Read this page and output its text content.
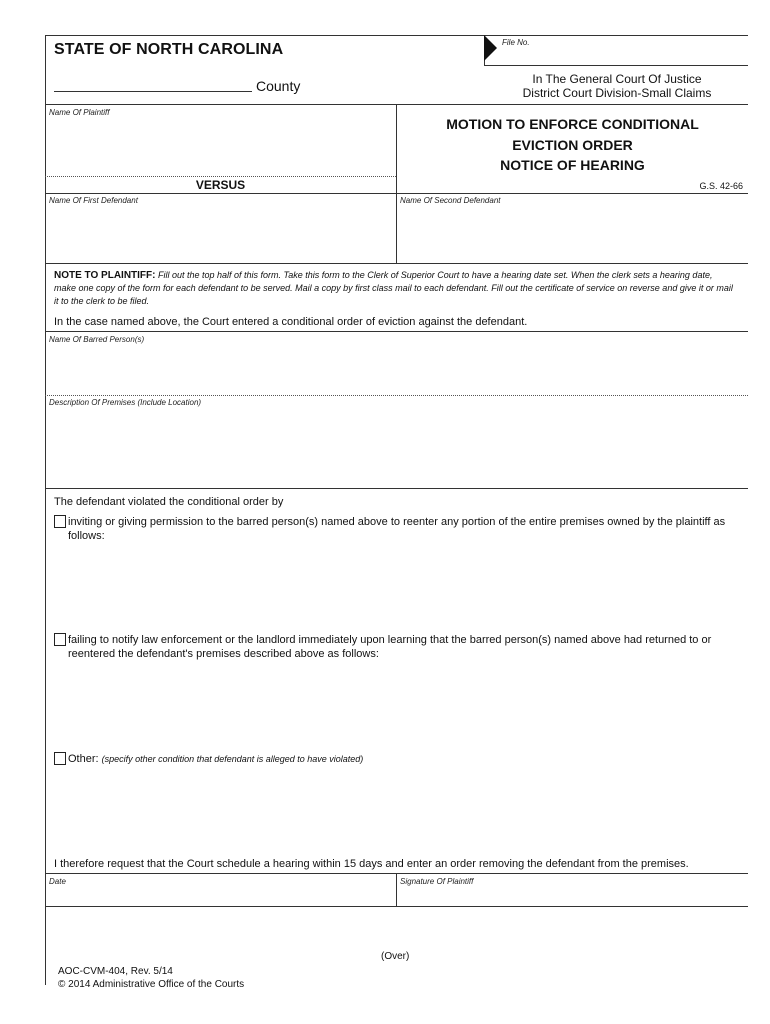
STATE OF NORTH CAROLINA
County
File No.
In The General Court Of Justice
District Court Division-Small Claims
Name Of Plaintiff
VERSUS
MOTION TO ENFORCE CONDITIONAL
EVICTION ORDER
NOTICE OF HEARING
G.S. 42-66
Name Of First Defendant	Name Of Second Defendant
NOTE TO PLAINTIFF: Fill out the top half of this form. Take this form to the Clerk of Superior Court to have a hearing date set. When the clerk sets a hearing date, make one copy of the form for each defendant to be served. Mail a copy by first class mail to each defendant. Fill out the certificate of service on reverse and give it or mail it to the clerk to be filed.
In the case named above, the Court entered a conditional order of eviction against the defendant.
Name Of Barred Person(s)
Description Of Premises (Include Location)
The defendant violated the conditional order by
inviting or giving permission to the barred person(s) named above to reenter any portion of the entire premises owned by the plaintiff as follows:
failing to notify law enforcement or the landlord immediately upon learning that the barred person(s) named above had returned to or reentered the defendant's premises described above as follows:
Other: (specify other condition that defendant is alleged to have violated)
I therefore request that the Court schedule a hearing within 15 days and enter an order removing the defendant from the premises.
Date	Signature Of Plaintiff
(Over)
AOC-CVM-404, Rev. 5/14
© 2014 Administrative Office of the Courts
